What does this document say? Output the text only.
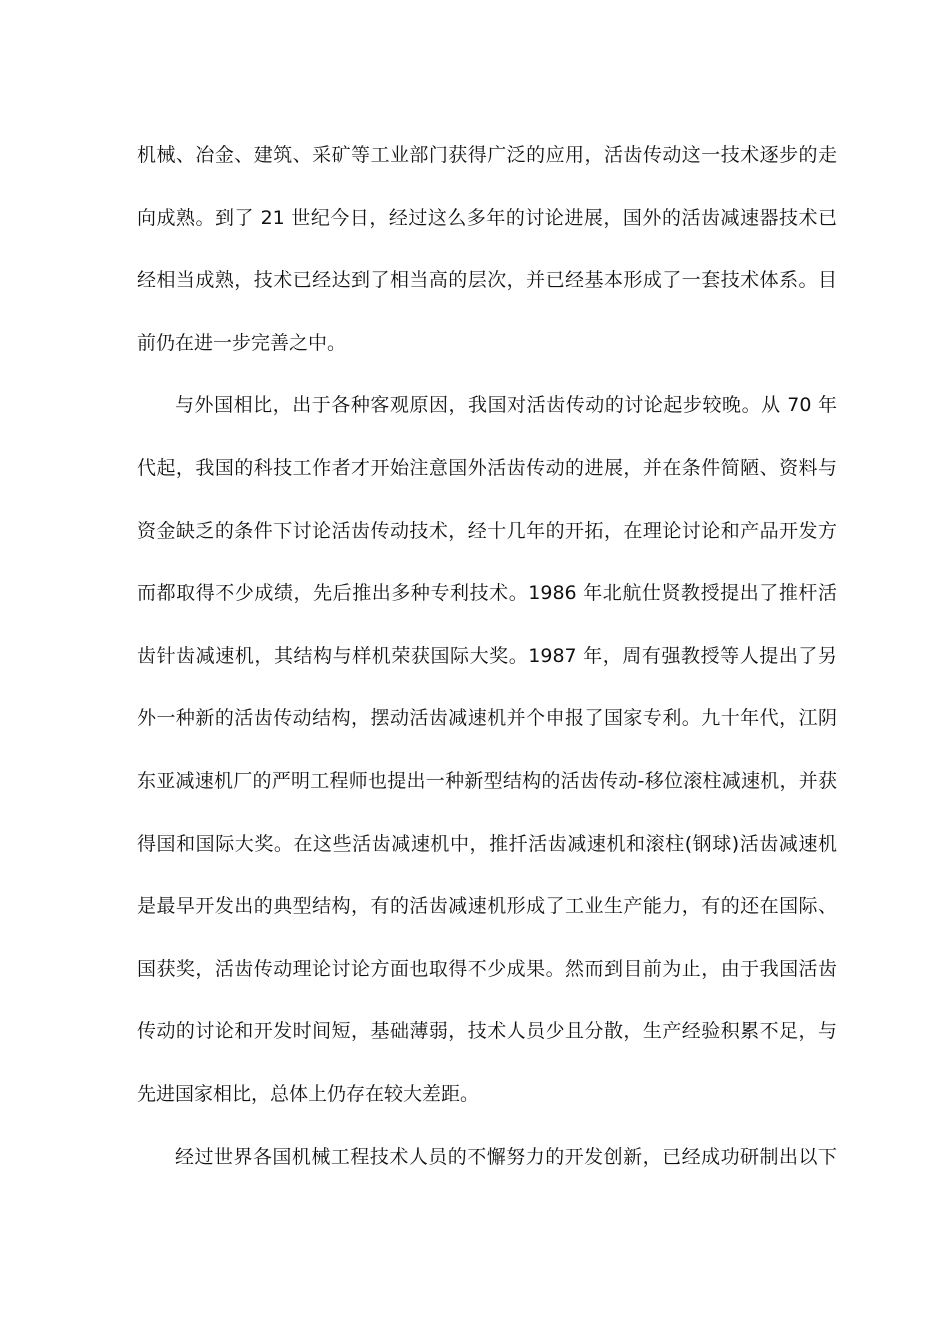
机械、冶金、建筑、采矿等工业部门获得广泛的应用，活齿传动这一技术逐步的走
向成熟。到了 21 世纪今日，经过这么多年的讨论进展，国外的活齿减速器技术已
经相当成熟，技术已经达到了相当高的层次，并已经基本形成了一套技术体系。目
前仍在进一步完善之中。
与外国相比，出于各种客观原因，我国对活齿传动的讨论起步较晚。从 70 年
代起，我国的科技工作者才开始注意国外活齿传动的进展，并在条件简陋、资料与
资金缺乏的条件下讨论活齿传动技术，经十几年的开拓，在理论讨论和产品开发方
而都取得不少成绩，先后推出多种专利技术。1986 年北航仕贤教授提出了推杆活
齿针齿减速机，其结构与样机荣获国际大奖。1987 年，周有强教授等人提出了另
外一种新的活齿传动结构，摆动活齿减速机并个申报了国家专利。九十年代，江阴
东亚减速机厂的严明工程师也提出一种新型结构的活齿传动-移位滚柱减速机，并获
得国和国际大奖。在这些活齿减速机中，推扦活齿减速机和滚柱(钢球)活齿减速机
是最早开发出的典型结构，有的活齿减速机形成了工业生产能力，有的还在国际、
国获奖，活齿传动理论讨论方面也取得不少成果。然而到目前为止，由于我国活齿
传动的讨论和开发时间短，基础薄弱，技术人员少且分散，生产经验积累不足，与
先进国家相比，总体上仍存在较大差距。
经过世界各国机械工程技术人员的不懈努力的开发创新，已经成功研制出以下
